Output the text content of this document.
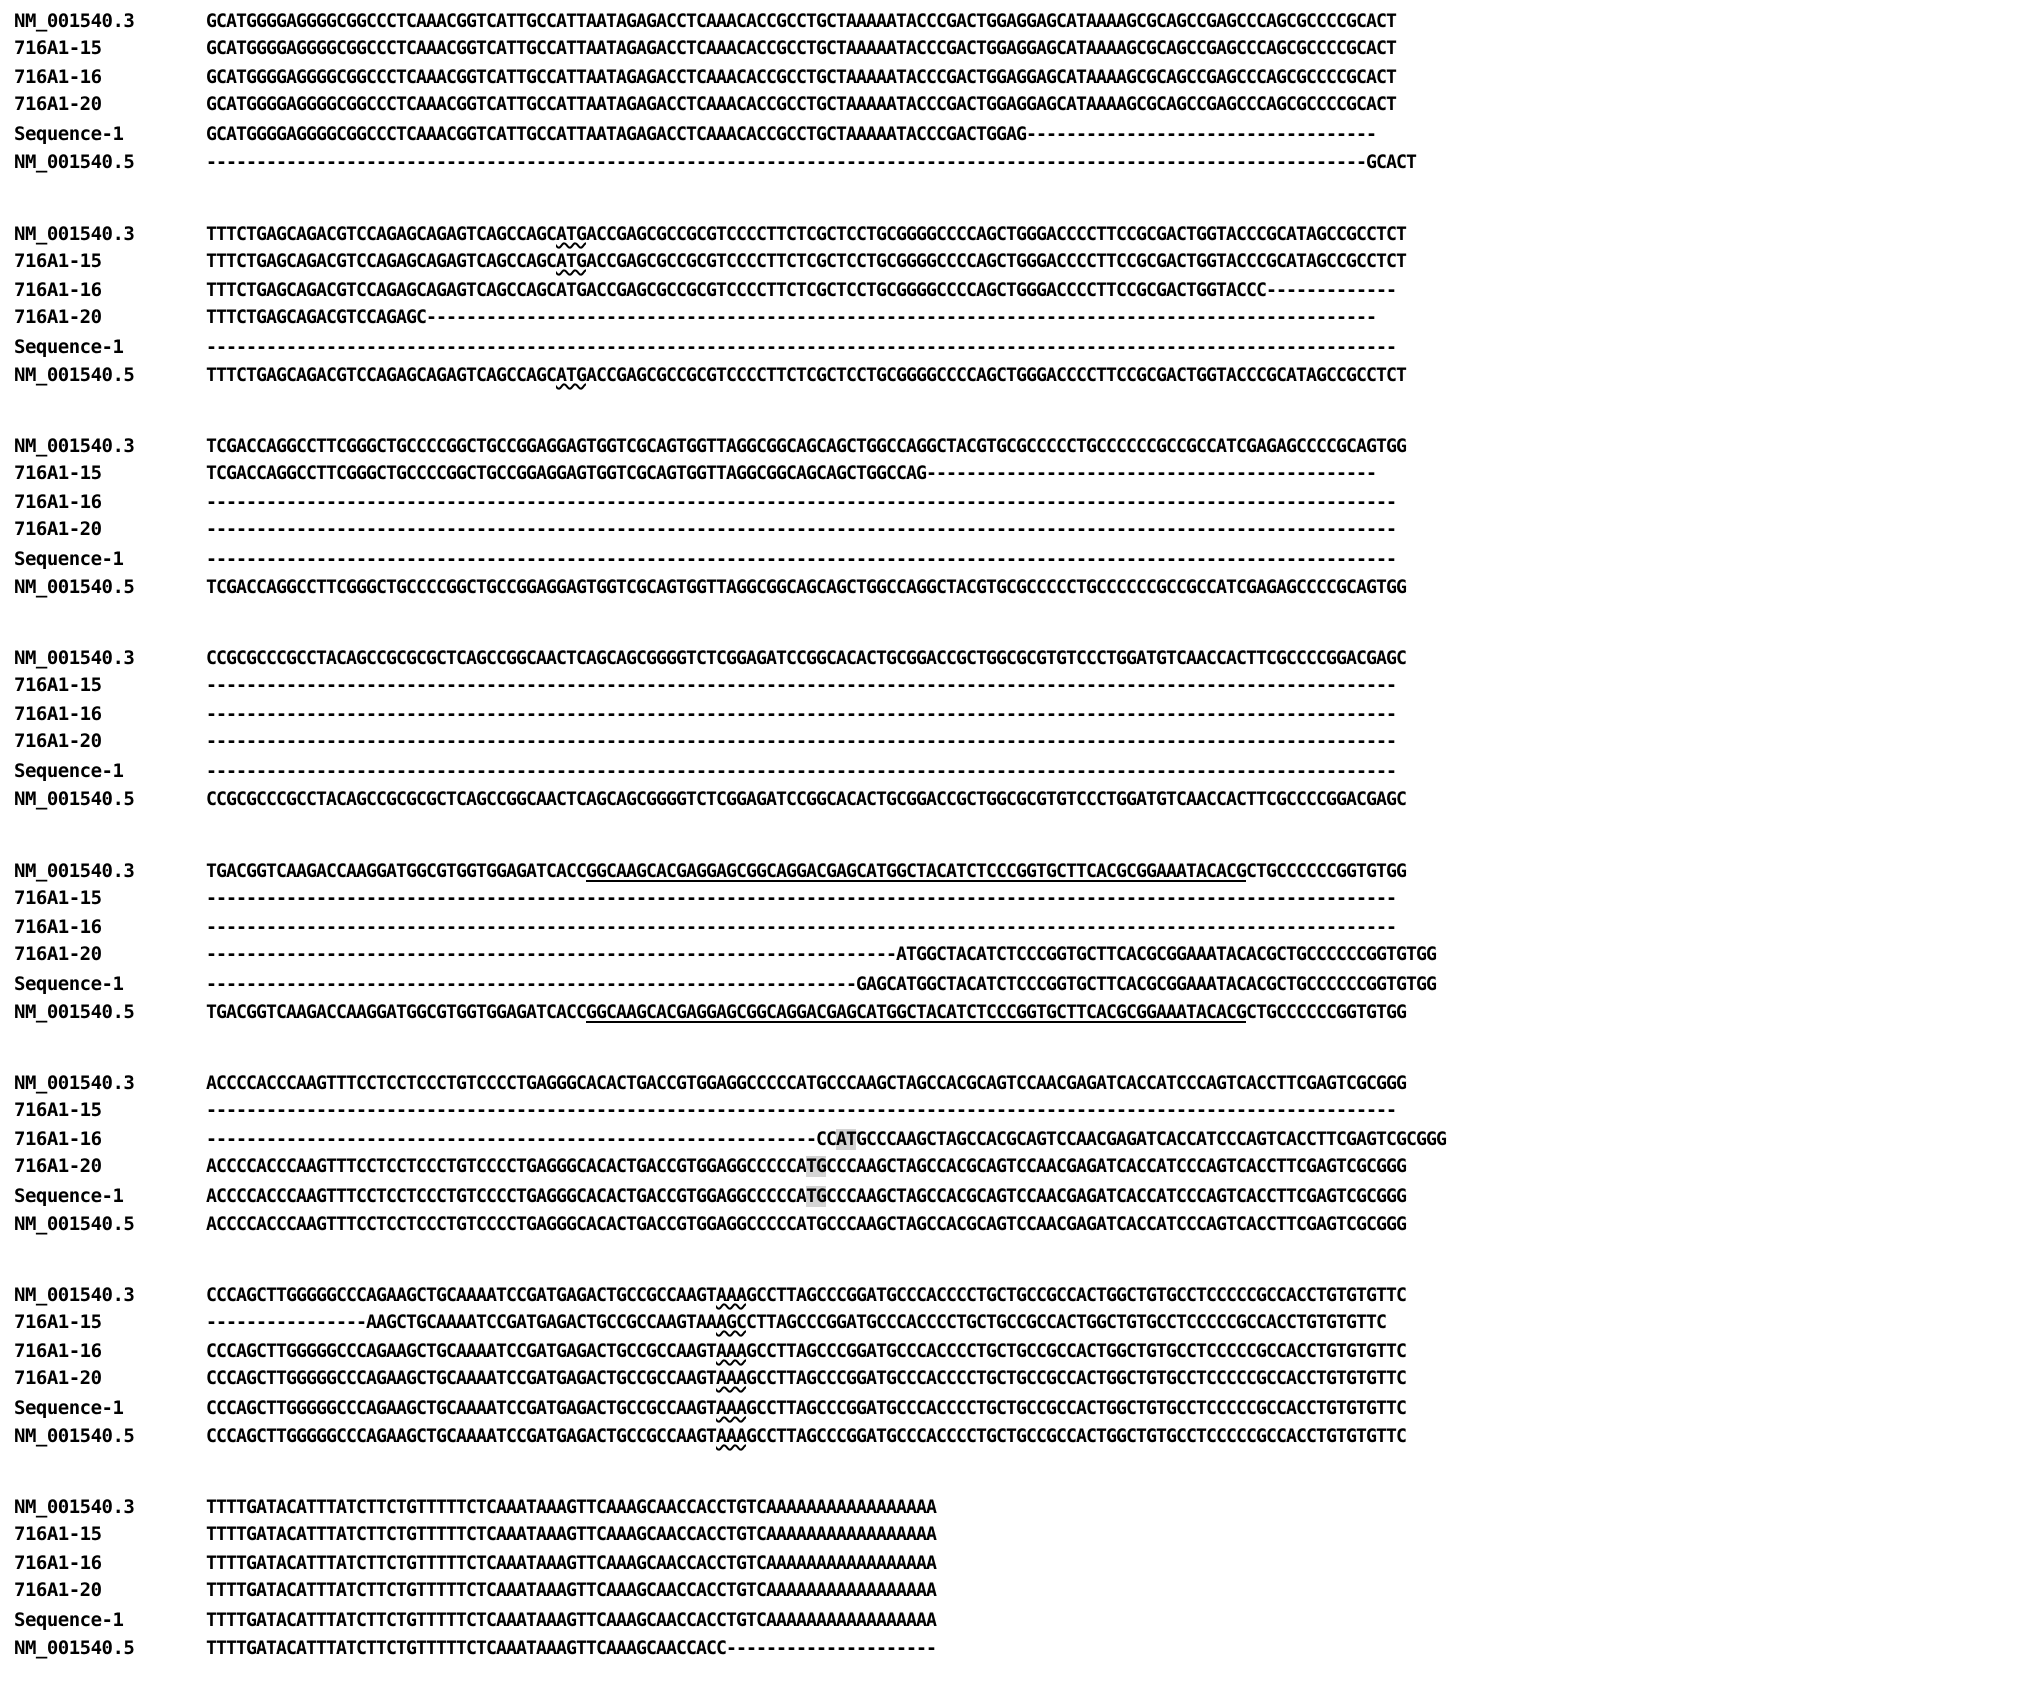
NM_001540.3	GCATGGGGAGGGGCGGCCCTCAAACGGTCATTGCCATTAATAGAGACCTCAAACACCGCCTGCTAAAAATACCCGACTGGAGGAGCATAAAAGCGCAGCCGAGCCCAGCGCCCCGCACT
716A1-15	GCATGGGGAGGGGCGGCCCTCAAACGGTCATTGCCATTAATAGAGACCTCAAACACCGCCTGCTAAAAATACCCGACTGGAGGAGCATAAAAGCGCAGCCGAGCCCAGCGCCCCGCACT
716A1-16	GCATGGGGAGGGGCGGCCCTCAAACGGTCATTGCCATTAATAGAGACCTCAAACACCGCCTGCTAAAAATACCCGACTGGAGGAGCATAAAAGCGCAGCCGAGCCCAGCGCCCCGCACT
716A1-20	GCATGGGGAGGGGCGGCCCTCAAACGGTCATTGCCATTAATAGAGACCTCAAACACCGCCTGCTAAAAATACCCGACTGGAGGAGCATAAAAGCGCAGCCGAGCCCAGCGCCCCGCACT
Sequence-1	GCATGGGGAGGGGCGGCCCTCAAACGGTCATTGCCATTAATAGAGACCTCAAACACCGCCTGCTAAAAATACCCGACTGGAG-----------------------------------
NM_001540.5	--------------------------------------------------------------------------------------------------------------------GCACT
NM_001540.3	TTTCTGAGCAGACGTCCAGAGCAGAGTCAGCCAGCATGACCGAGCGCCGCGTCCCCTTCTCGCTCCTGCGGGGCCCCAGCTGGGACCCCTTCCGCGACTGGTACCCGCATAGCCGCCTCT
716A1-15	TTTCTGAGCAGACGTCCAGAGCAGAGTCAGCCAGCATGACCGAGCGCCGCGTCCCCTTCTCGCTCCTGCGGGGCCCCAGCTGGGACCCCTTCCGCGACTGGTACCCGCATAGCCGCCTCT
716A1-16	TTTCTGAGCAGACGTCCAGAGCAGAGTCAGCCAGCATGACCGAGCGCCGCGTCCCCTTCTCGCTCCTGCGGGGCCCCAGCTGGGACCCCTTCCGCGACTGGTACCC-------------
716A1-20	TTTCTGAGCAGACGTCCAGAGC-----------------------------------------------------------------------------------------------
Sequence-1	-----------------------------------------------------------------------------------------------------------------------
NM_001540.5	TTTCTGAGCAGACGTCCAGAGCAGAGTCAGCCAGCATGACCGAGCGCCGCGTCCCCTTCTCGCTCCTGCGGGGCCCCAGCTGGGACCCCTTCCGCGACTGGTACCCGCATAGCCGCCTCT
NM_001540.3	TCGACCAGGCCTTCGGGCTGCCCCGGCTGCCGGAGGAGTGGTCGCAGTGGTTAGGCGGCAGCAGCTGGCCAGGCTACGTGCGCCCCCTGCCCCCCGCCGCCATCGAGAGCCCCGCAGTGG
716A1-15	TCGACCAGGCCTTCGGGCTGCCCCGGCTGCCGGAGGAGTGGTCGCAGTGGTTAGGCGGCAGCAGCTGGCCAG---------------------------------------------
716A1-16	-----------------------------------------------------------------------------------------------------------------------
716A1-20	-----------------------------------------------------------------------------------------------------------------------
Sequence-1	-----------------------------------------------------------------------------------------------------------------------
NM_001540.5	TCGACCAGGCCTTCGGGCTGCCCCGGCTGCCGGAGGAGTGGTCGCAGTGGTTAGGCGGCAGCAGCTGGCCAGGCTACGTGCGCCCCCTGCCCCCCGCCGCCATCGAGAGCCCCGCAGTGG
NM_001540.3	CCGCGCCCGCCTACAGCCGCGCGCTCAGCCGGCAACTCAGCAGCGGGGTCTCGGAGATCCGGCACACTGCGGACCGCTGGCGCGTGTCCCTGGATGTCAACCACTTCGCCCCGGACGAGC
716A1-15	-----------------------------------------------------------------------------------------------------------------------
716A1-16	-----------------------------------------------------------------------------------------------------------------------
716A1-20	-----------------------------------------------------------------------------------------------------------------------
Sequence-1	-----------------------------------------------------------------------------------------------------------------------
NM_001540.5	CCGCGCCCGCCTACAGCCGCGCGCTCAGCCGGCAACTCAGCAGCGGGGTCTCGGAGATCCGGCACACTGCGGACCGCTGGCGCGTGTCCCTGGATGTCAACCACTTCGCCCCGGACGAGC
NM_001540.3	TGACGGTCAAGACCAAGGATGGCGTGGTGGAGATCACCGGCAAGCACGAGGAGCGGCAGGACGAGCATGGCTACATCTCCCGGTGCTTCACGCGGAAATACACGCTGCCCCCCGGTGTGG
716A1-15	-----------------------------------------------------------------------------------------------------------------------
716A1-16	-----------------------------------------------------------------------------------------------------------------------
716A1-20	---------------------------------------------------------------------ATGGCTACATCTCCCGGTGCTTCACGCGGAAATACACGCTGCCCCCCGGTGTGG
Sequence-1	-----------------------------------------------------------------GAGCATGGCTACATCTCCCGGTGCTTCACGCGGAAATACACGCTGCCCCCCGGTGTGG
NM_001540.5	TGACGGTCAAGACCAAGGATGGCGTGGTGGAGATCACCGGCAAGCACGAGGAGCGGCAGGACGAGCATGGCTACATCTCCCGGTGCTTCACGCGGAAATACACGCTGCCCCCCGGTGTGG
NM_001540.3	ACCCCACCCAAGTTTCCTCCTCCCTGTCCCCTGAGGGCACACTGACCGTGGAGGCCCCCATGCCCAAGCTAGCCACGCAGTCCAACGAGATCACCATCCCAGTCACCTTCGAGTCGCGGG
716A1-15	-----------------------------------------------------------------------------------------------------------------------
716A1-16	-------------------------------------------------------------CCATGCCCAAGCTAGCCACGCAGTCCAACGAGATCACCATCCCAGTCACCTTCGAGTCGCGGG
716A1-20	ACCCCACCCAAGTTTCCTCCTCCCTGTCCCCTGAGGGCACACTGACCGTGGAGGCCCCCATGCCCAAGCTAGCCACGCAGTCCAACGAGATCACCATCCCAGTCACCTTCGAGTCGCGGG
Sequence-1	ACCCCACCCAAGTTTCCTCCTCCCTGTCCCCTGAGGGCACACTGACCGTGGAGGCCCCCATGCCCAAGCTAGCCACGCAGTCCAACGAGATCACCATCCCAGTCACCTTCGAGTCGCGGG
NM_001540.5	ACCCCACCCAAGTTTCCTCCTCCCTGTCCCCTGAGGGCACACTGACCGTGGAGGCCCCCATGCCCAAGCTAGCCACGCAGTCCAACGAGATCACCATCCCAGTCACCTTCGAGTCGCGGG
NM_001540.3	CCCAGCTTGGGGGCCCAGAAGCTGCAAAATCCGATGAGACTGCCGCCAAGTAAAGCCTTAGCCCGGATGCCCACCCCTGCTGCCGCCACTGGCTGTGCCTCCCCCGCCACCTGTGTGTTC
716A1-15	----------------AAGCTGCAAAATCCGATGAGACTGCCGCCAAGTAAAGCCTTAGCCCGGATGCCCACCCCTGCTGCCGCCACTGGCTGTGCCTCCCCCGCCACCTGTGTGTTC
716A1-16	CCCAGCTTGGGGGCCCAGAAGCTGCAAAATCCGATGAGACTGCCGCCAAGTAAAGCCTTAGCCCGGATGCCCACCCCTGCTGCCGCCACTGGCTGTGCCTCCCCCGCCACCTGTGTGTTC
716A1-20	CCCAGCTTGGGGGCCCAGAAGCTGCAAAATCCGATGAGACTGCCGCCAAGTAAAGCCTTAGCCCGGATGCCCACCCCTGCTGCCGCCACTGGCTGTGCCTCCCCCGCCACCTGTGTGTTC
Sequence-1	CCCAGCTTGGGGGCCCAGAAGCTGCAAAATCCGATGAGACTGCCGCCAAGTAAAGCCTTAGCCCGGATGCCCACCCCTGCTGCCGCCACTGGCTGTGCCTCCCCCGCCACCTGTGTGTTC
NM_001540.5	CCCAGCTTGGGGGCCCAGAAGCTGCAAAATCCGATGAGACTGCCGCCAAGTAAAGCCTTAGCCCGGATGCCCACCCCTGCTGCCGCCACTGGCTGTGCCTCCCCCGCCACCTGTGTGTTC
NM_001540.3	TTTTGATACATTTATCTTCTGTTTTTCTCAAATAAAGTTCAAAGCAACCACCTGTCAAAAAAAAAAAAAAAAA
716A1-15	TTTTGATACATTTATCTTCTGTTTTTCTCAAATAAAGTTCAAAGCAACCACCTGTCAAAAAAAAAAAAAAAAA
716A1-16	TTTTGATACATTTATCTTCTGTTTTTCTCAAATAAAGTTCAAAGCAACCACCTGTCAAAAAAAAAAAAAAAAA
716A1-20	TTTTGATACATTTATCTTCTGTTTTTCTCAAATAAAGTTCAAAGCAACCACCTGTCAAAAAAAAAAAAAAAAA
Sequence-1	TTTTGATACATTTATCTTCTGTTTTTCTCAAATAAAGTTCAAAGCAACCACCTGTCAAAAAAAAAAAAAAAAA
NM_001540.5	TTTTGATACATTTATCTTCTGTTTTTCTCAAATAAAGTTCAAAGCAACCACC---------------------
